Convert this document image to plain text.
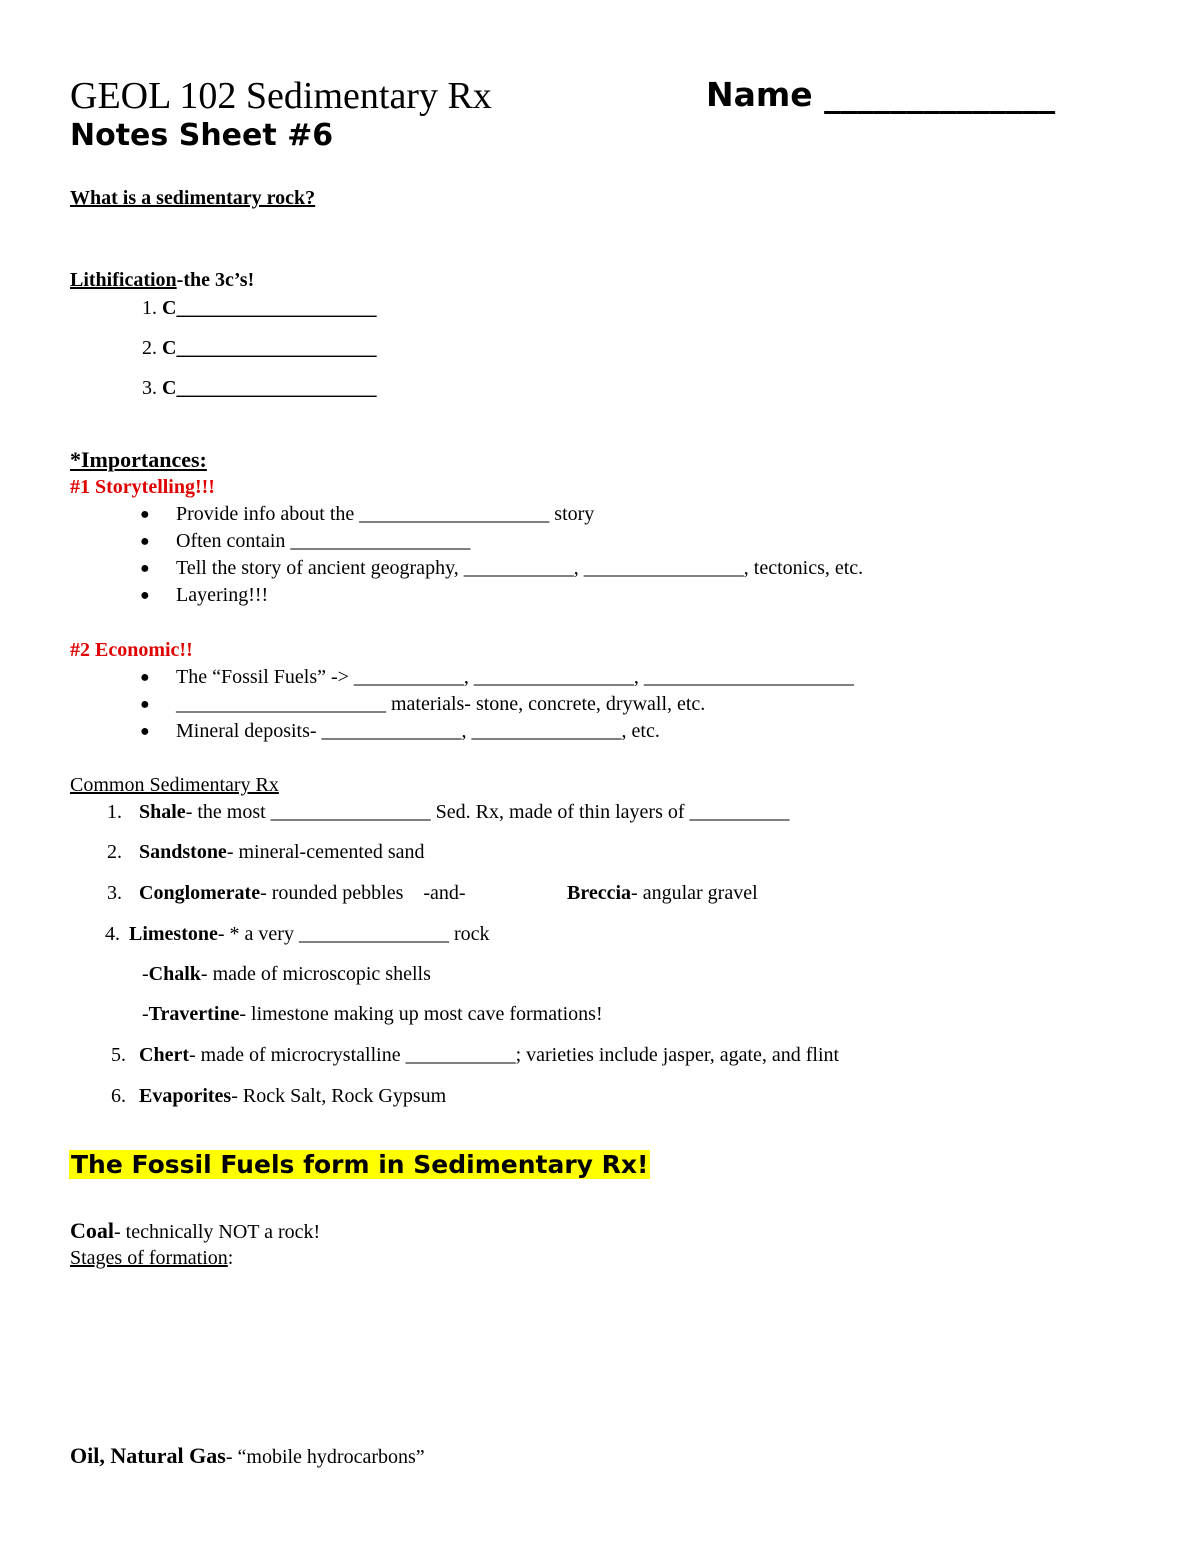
GEOL 102 Sedimentary Rx	Name ______________
Notes Sheet #6
What is a sedimentary rock?
Lithification-the 3c’s!
1. C____________________
2. C____________________
3. C____________________
*Importances:
#1 Storytelling!!!
● Provide info about the ___________________ story
● Often contain __________________
● Tell the story of ancient geography, ___________, ________________, tectonics, etc.
● Layering!!!
#2 Economic!!
● The “Fossil Fuels” -> ___________, ________________, _____________________
● _____________________ materials- stone, concrete, drywall, etc.
● Mineral deposits- ______________, _______________, etc.
Common Sedimentary Rx
1. Shale- the most ________________ Sed. Rx, made of thin layers of __________
2. Sandstone- mineral-cemented sand
3. Conglomerate- rounded pebbles    -and-	Breccia- angular gravel
4. Limestone- * a very _______________ rock
-Chalk- made of microscopic shells
-Travertine- limestone making up most cave formations!
5. Chert- made of microcrystalline ___________; varieties include jasper, agate, and flint
6. Evaporites- Rock Salt, Rock Gypsum
The Fossil Fuels form in Sedimentary Rx!
Coal- technically NOT a rock!
Stages of formation:
Oil, Natural Gas- “mobile hydrocarbons”
